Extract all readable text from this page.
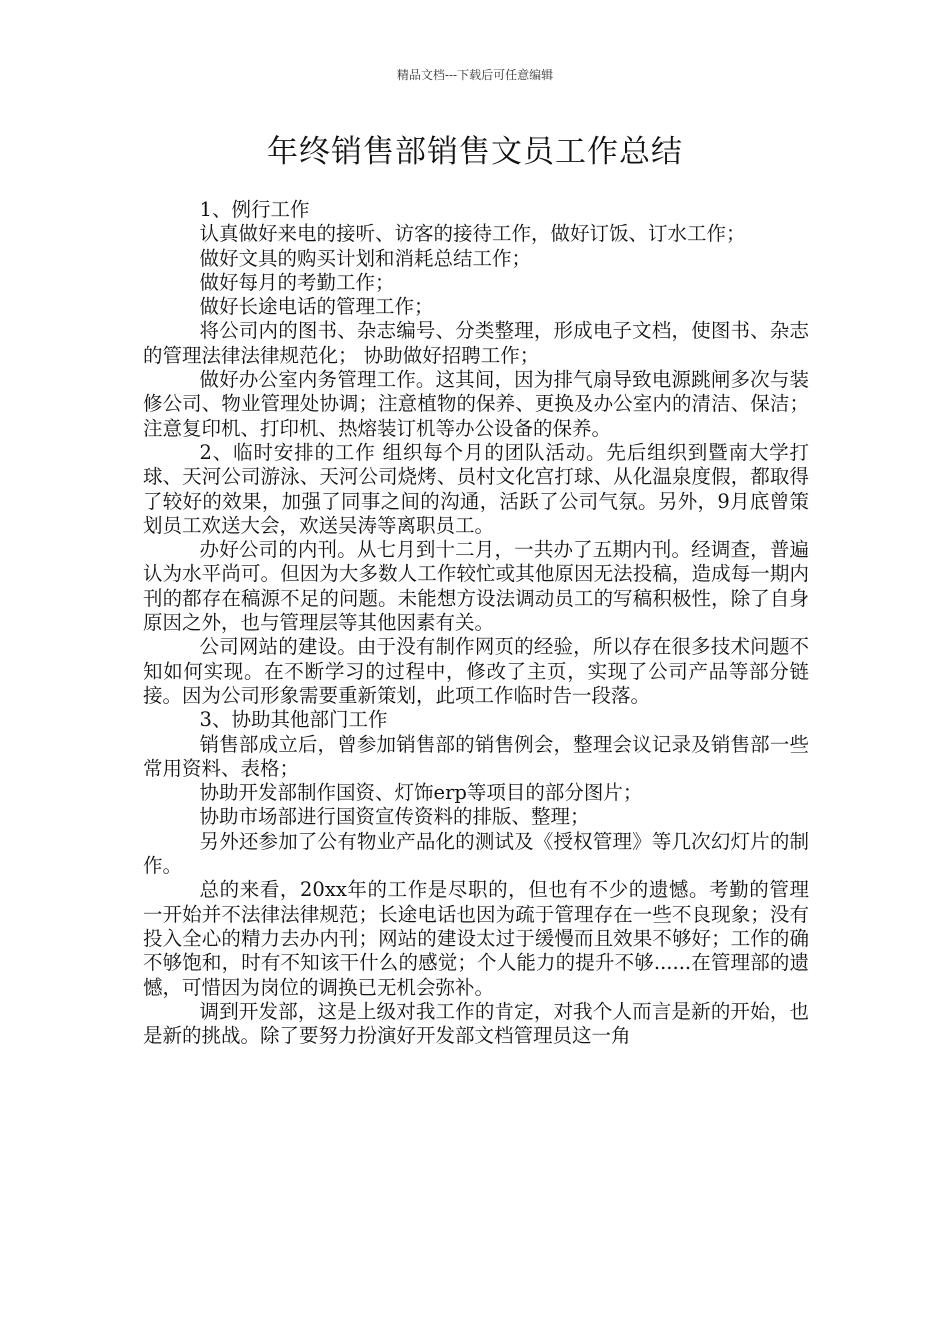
精品文档---下载后可任意编辑
年终销售部销售文员工作总结

1、例行工作

认真做好来电的接听、访客的接待工作，做好订饭、订水工作；

做好文具的购买计划和消耗总结工作；

做好每月的考勤工作；

做好长途电话的管理工作；

将公司内的图书、杂志编号、分类整理，形成电子文档，使图书、杂志的管理法律法律规范化； 协助做好招聘工作；

做好办公室内务管理工作。这其间，因为排气扇导致电源跳闸多次与装修公司、物业管理处协调；注意植物的保养、更换及办公室内的清洁、保洁；注意复印机、打印机、热熔装订机等办公设备的保养。

2、临时安排的工作 组织每个月的团队活动。先后组织到暨南大学打球、天河公司游泳、天河公司烧烤、员村文化宫打球、从化温泉度假，都取得了较好的效果，加强了同事之间的沟通，活跃了公司气氛。另外，9月底曾策划员工欢送大会，欢送吴涛等离职员工。

办好公司的内刊。从七月到十二月，一共办了五期内刊。经调查，普遍认为水平尚可。但因为大多数人工作较忙或其他原因无法投稿，造成每一期内刊的都存在稿源不足的问题。未能想方设法调动员工的写稿积极性，除了自身原因之外，也与管理层等其他因素有关。

公司网站的建设。由于没有制作网页的经验，所以存在很多技术问题不知如何实现。在不断学习的过程中，修改了主页，实现了公司产品等部分链接。因为公司形象需要重新策划，此项工作临时告一段落。

3、协助其他部门工作

销售部成立后，曾参加销售部的销售例会，整理会议记录及销售部一些常用资料、表格；

协助开发部制作国资、灯饰erp等项目的部分图片；

协助市场部进行国资宣传资料的排版、整理；

另外还参加了公有物业产品化的测试及《授权管理》等几次幻灯片的制作。

总的来看，20xx年的工作是尽职的，但也有不少的遗憾。考勤的管理一开始并不法律法律规范；长途电话也因为疏于管理存在一些不良现象；没有投入全心的精力去办内刊；网站的建设太过于缓慢而且效果不够好；工作的确不够饱和，时有不知该干什么的感觉；个人能力的提升不够......在管理部的遗憾，可惜因为岗位的调换已无机会弥补。

调到开发部，这是上级对我工作的肯定，对我个人而言是新的开始，也是新的挑战。除了要努力扮演好开发部文档管理员这一角
